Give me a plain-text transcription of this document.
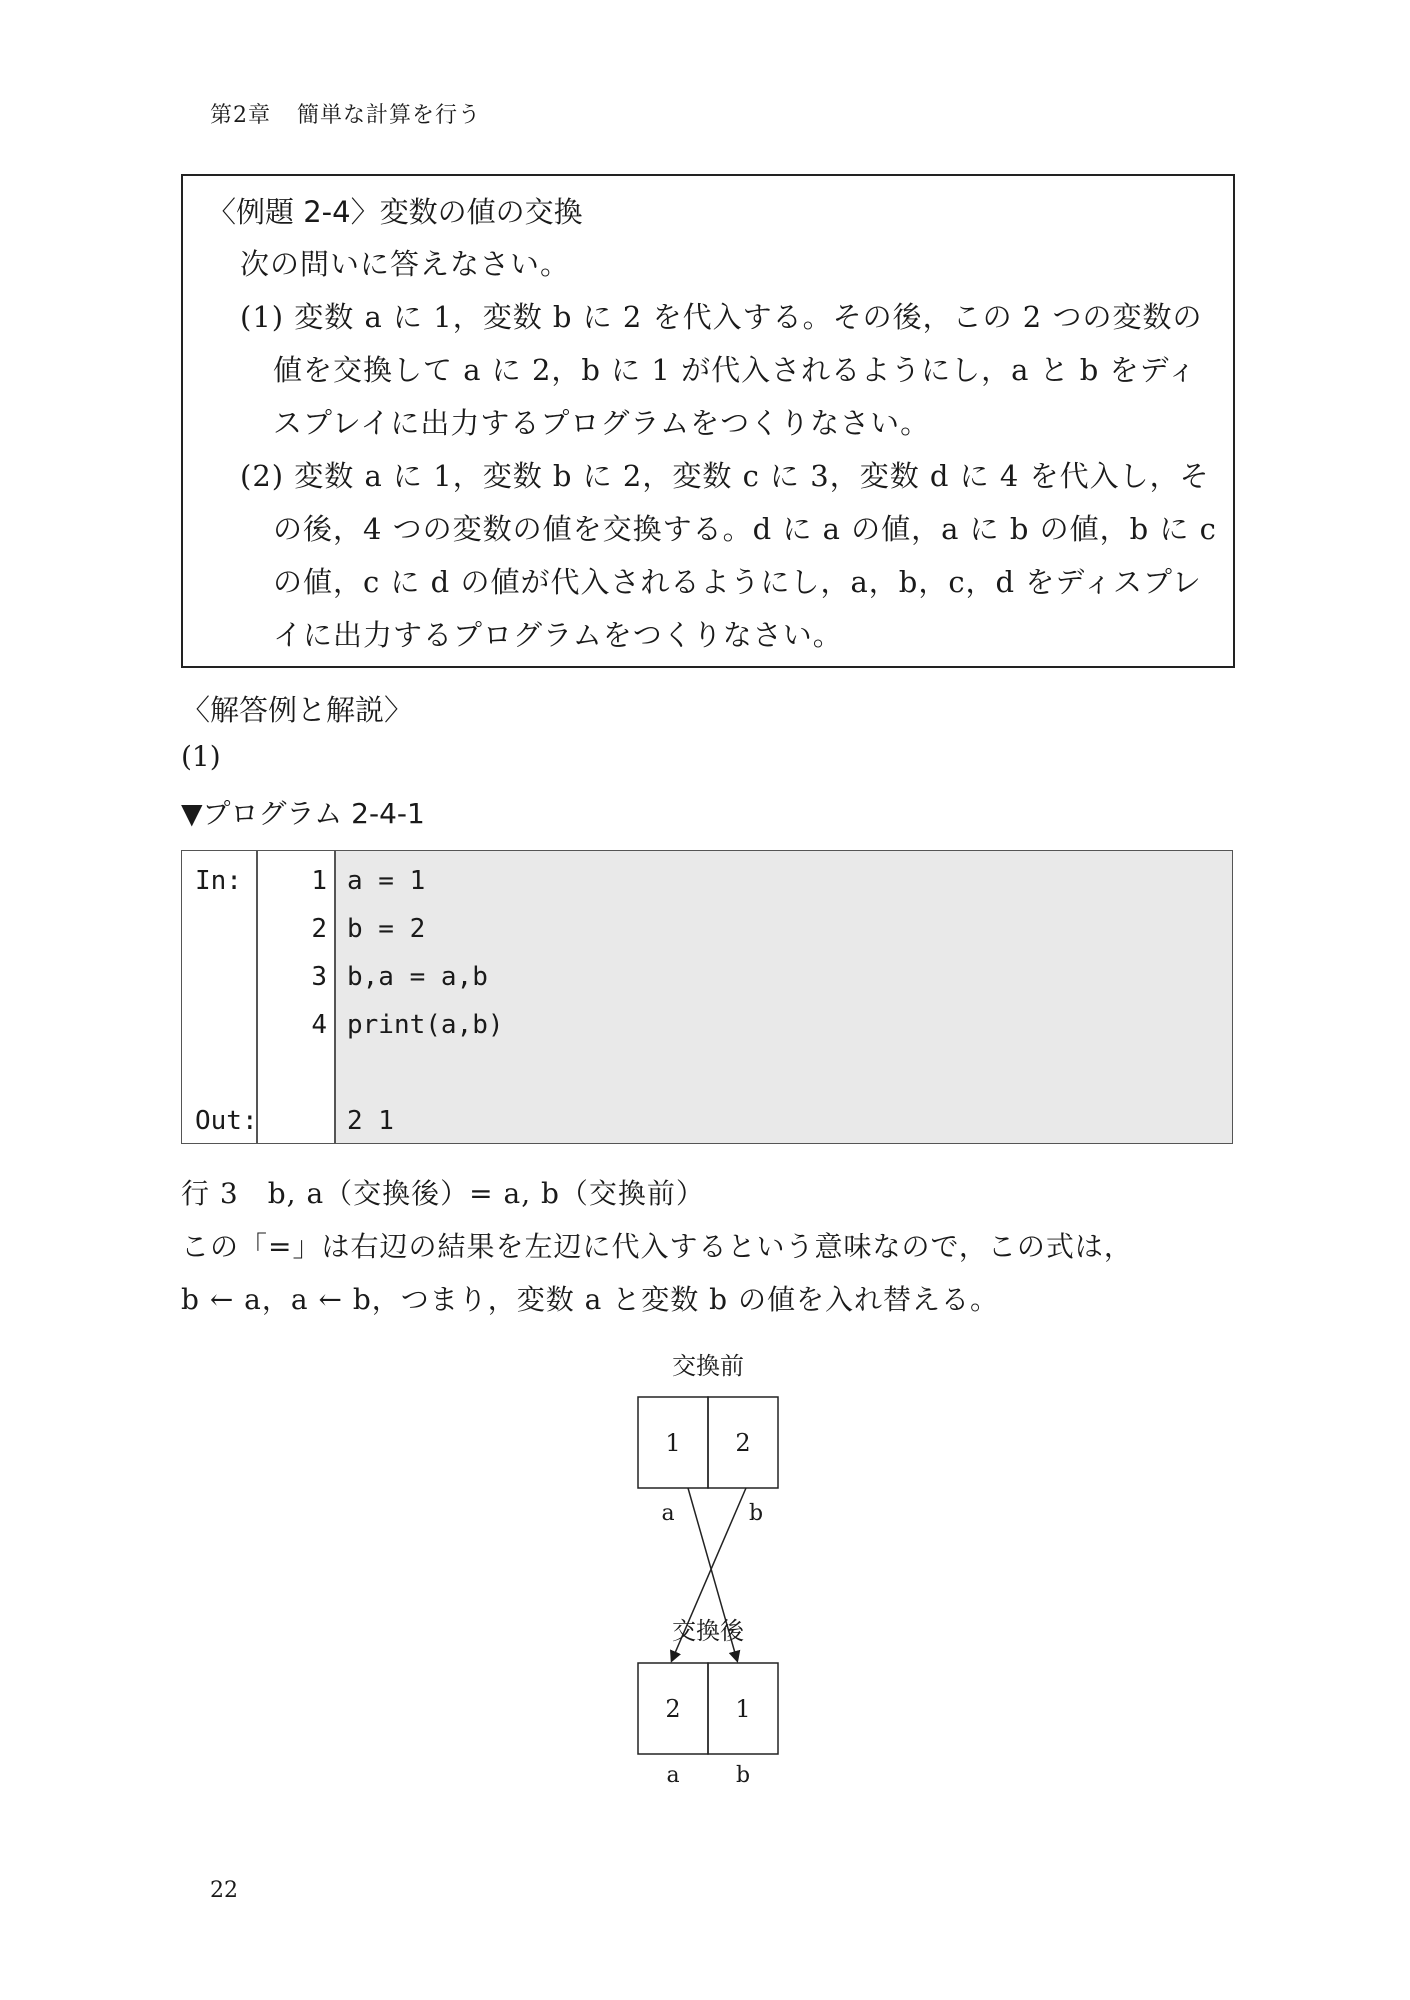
第2章 簡単な計算を行う
〈例題 2-4〉変数の値の交換
次の問いに答えなさい。
(1) 変数 a に 1，変数 b に 2 を代入する。その後，この 2 つの変数の
値を交換して a に 2，b に 1 が代入されるようにし，a と b をディ
スプレイに出力するプログラムをつくりなさい。
(2) 変数 a に 1，変数 b に 2，変数 c に 3，変数 d に 4 を代入し，そ
の後，4 つの変数の値を交換する。d に a の値，a に b の値，b に c
の値，c に d の値が代入されるようにし，a，b，c，d をディスプレ
イに出力するプログラムをつくりなさい。
〈解答例と解説〉
(1)
▼プログラム 2-4-1
In:
Out:
1
2
3
4
a = 1
b = 2
b,a = a,b
print(a,b)
2 1
行 3　b, a（交換後）= a, b（交換前）
この「=」は右辺の結果を左辺に代入するという意味なので，この式は，
b ← a，a ← b，つまり，変数 a と変数 b の値を入れ替える。
交換前
1 2
a	b
交換後
2 1
a	b
22
